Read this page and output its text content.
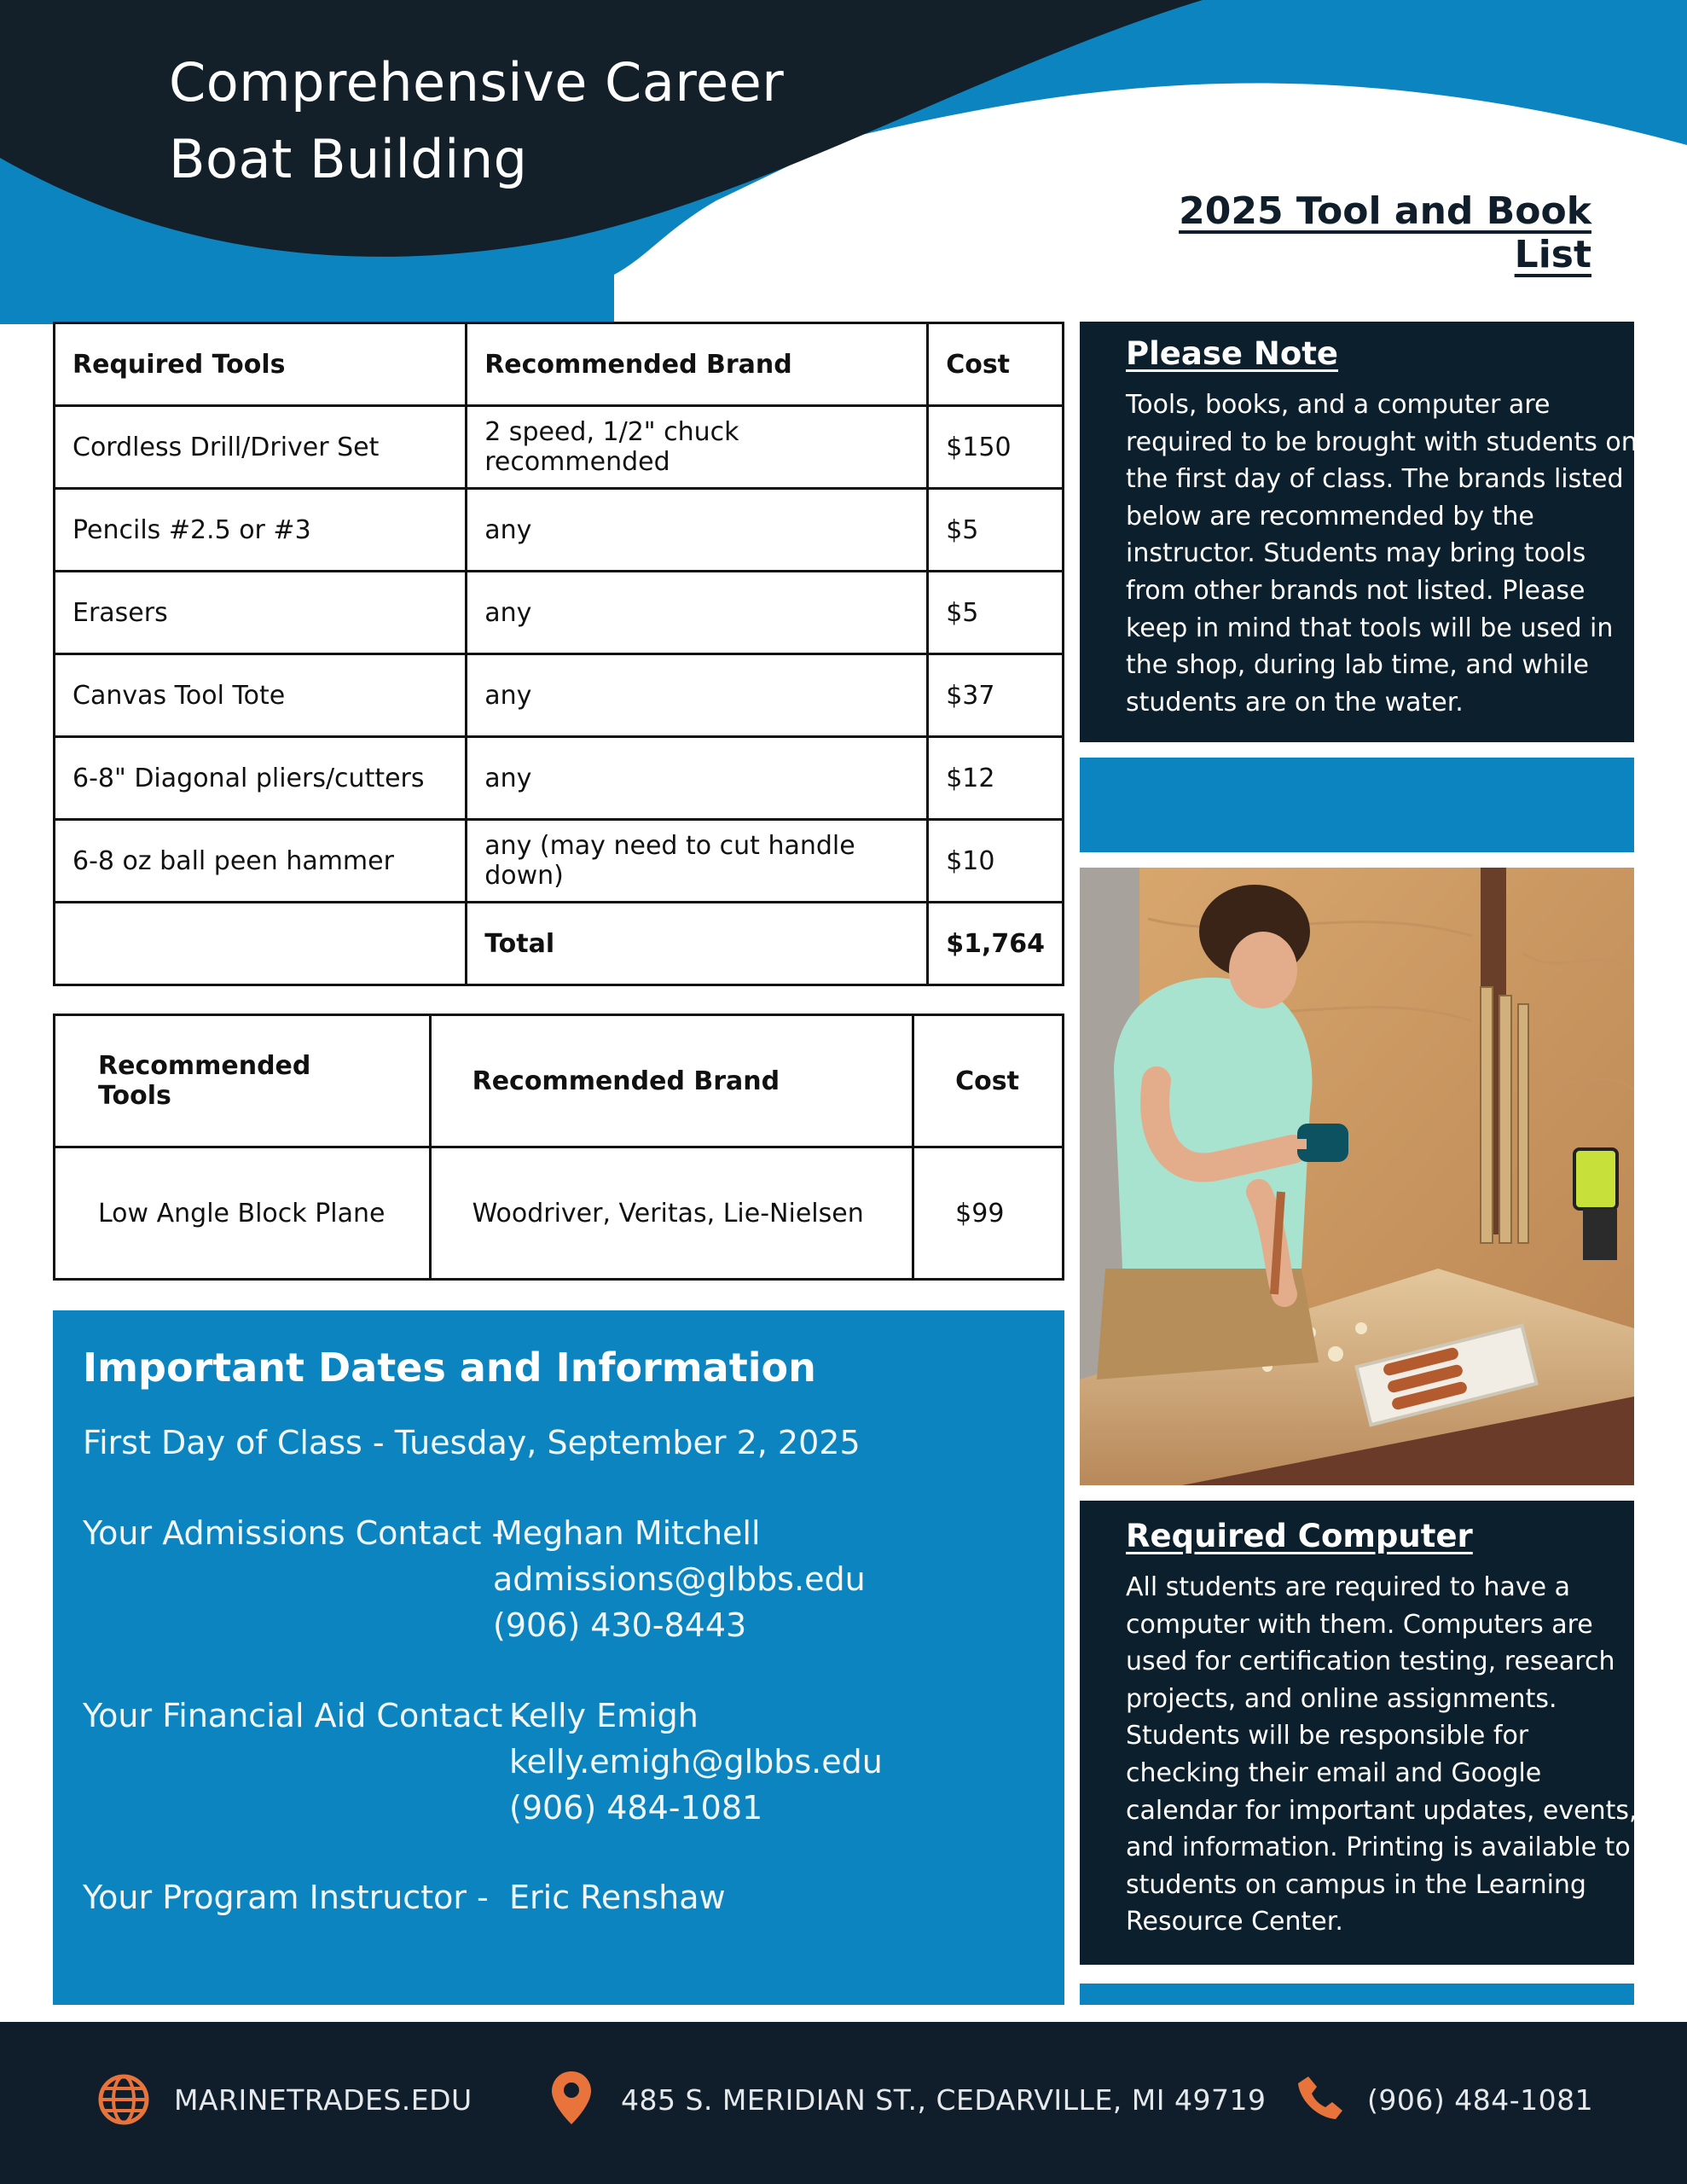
Comprehensive Career
Boat Building
2025 Tool and Book List
Required Tools	Recommended Brand	Cost
Cordless Drill/Driver Set	2 speed, 1/2" chuck recommended	$150
Pencils #2.5 or #3	any	$5
Erasers	any	$5
Canvas Tool Tote	any	$37
6-8" Diagonal pliers/cutters	any	$12
6-8 oz ball peen hammer	any (may need to cut handle down)	$10
	Total	$1,764
Recommended Tools	Recommended Brand	Cost
Low Angle Block Plane	Woodriver, Veritas, Lie-Nielsen	$99
Important Dates and Information
First Day of Class - Tuesday, September 2, 2025
Your Admissions Contact -
Meghan Mitchell
admissions@glbbs.edu
(906) 430-8443
Your Financial Aid Contact -
Kelly Emigh
kelly.emigh@glbbs.edu
(906) 484-1081
Your Program Instructor - Eric Renshaw
Please Note
Tools, books, and a computer are required to be brought with students on the first day of class. The brands listed below are recommended by the instructor. Students may bring tools from other brands not listed. Please keep in mind that tools will be used in the shop, during lab time, and while students are on the water.
Required Computer
All students are required to have a computer with them. Computers are used for certification testing, research projects, and online assignments. Students will be responsible for checking their email and Google calendar for important updates, events, and information. Printing is available to students on campus in the Learning Resource Center.
MARINETRADES.EDU	485 S. MERIDIAN ST., CEDARVILLE, MI 49719	(906) 484-1081
